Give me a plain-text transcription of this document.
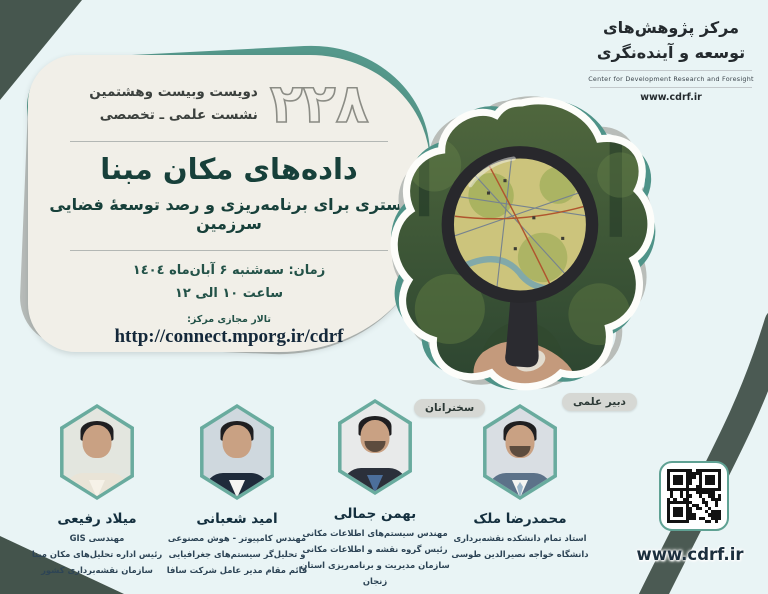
مرکز پژوهش‌های
توسعه و آینده‌نگری
Center for Development Research and Foresight
www.cdrf.ir
۲۲۸
دویست وبیست وهشتمین
نشست علمی ـ تخصصی
داده‌های مکان مبنا
بستری برای برنامه‌ریزی و رصد توسعهٔ فضایی سرزمین
زمان: سه‌شنبه ۶ آبان‌ماه ١٤٠٤
ساعت ١٠ الی ١٢
تالار مجازی مرکز:
http://connect.mporg.ir/cdrf
سخنرانان	دبیر علمی
میلاد رفیعی
مهندسی GIS
رئیس اداره تحلیل‌های مکان مبنا
سازمان نقشه‌برداری کشور
امید شعبانی
مهندس کامپیوتر - هوش مصنوعی
و تحلیل‌گر سیستم‌های جغرافیایی
قائم مقام مدیر عامل شرکت سافا
بهمن جمالی
مهندس سیستم‌های اطلاعات مکانی
رئیس گروه نقشه و اطلاعات مکانی
سازمان مدیریت و برنامه‌ریزی استان زنجان
محمدرضا ملک
استاد تمام دانشکده نقشه‌برداری
دانشگاه خواجه نصیرالدین طوسی	www.cdrf.ir
